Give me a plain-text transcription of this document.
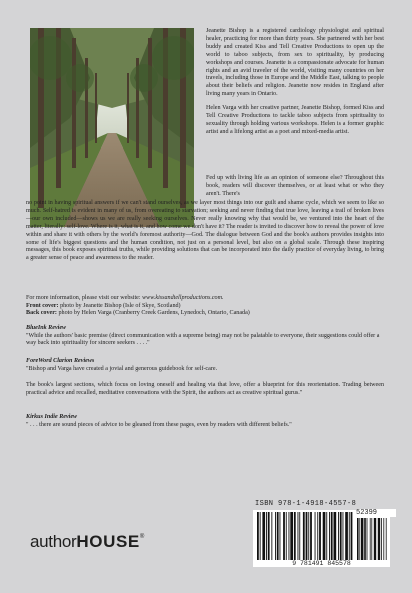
Jeanette Bishop is a registered cardiology physiologist and spiritual healer, practicing for more than thirty years. She partnered with her best buddy and created Kiss and Tell Creative Productions to open up the world to taboo subjects, from sex to spirituality, by producing workshops and courses. Jeanette is a compassionate advocate for human rights and an avid traveler of the world, visiting many countries on her travels, including those in Europe and the Middle East, talking to people about their beliefs and religion. Jeanette now resides in England after living many years in Ontario.

Helen Varga with her creative partner, Jeanette Bishop, formed Kiss and Tell Creative Productions to tackle taboo subjects from spirituality to sexuality through holding various workshops. Helen is a former graphic artist and a lifelong artist as a poet and mixed-media artist.

Fed up with living life as an opinion of someone else? Throughout this book, readers will discover themselves, or at least what or who they aren't. There's
no point in having spiritual answers if we can't stand ourselves, as we layer most things into our guilt and shame cycle, which we seem to like so much. Self-hatred is evident in many of us, from overeating to starvation; seeking and never finding that true love, leaving a trail of broken lives—our own included—shows us we are really seeking ourselves. Never really knowing why that would be, we ventured into the heart of the matter, literally: self-love. Where is it, what is it, and how come we don't have it? The reader is invited to discover how to reveal the power of love within and share it with others by the world's foremost authority—God. The dialogue between God and the book's authors provides insights into some of life's biggest questions and the human condition, not just on a personal level, but also on a global scale. Through these inspiring messages, this book exposes spiritual truths, while providing solutions that can be incorporated into the daily practice of everyday living, to bring a greater sense of peace and awareness to the reader.
For more information, please visit our website: www.kissandtellproductions.com.
Front cover: photo by Jeanette Bishop (Isle of Skye, Scotland)
Back cover: photo by Helen Varga (Cranberry Creek Gardens, Lynedoch, Ontario, Canada)
BlueInk Review

"While the authors' basic premise (direct communication with a supreme being) may not be palatable to everyone, their suggestions could offer a way back into spirituality for sincere seekers . . . ."

ForeWord Clarion Reviews

"Bishop and Varga have created a jovial and generous guidebook for self-care.

The book's largest sections, which focus on loving oneself and healing via that love, offer a blueprint for this reorientation. Trading between practical advice and recalled, meditative conversations with the Spirit, the authors act as creative spiritual gurus."
Kirkus Indie Review

" . . . there are sound pieces of advice to be gleaned from these pages, even by readers with different beliefs."

ISBN 978-1-4918-4557-8
52399
9 781491 845578
authorHOUSE®
